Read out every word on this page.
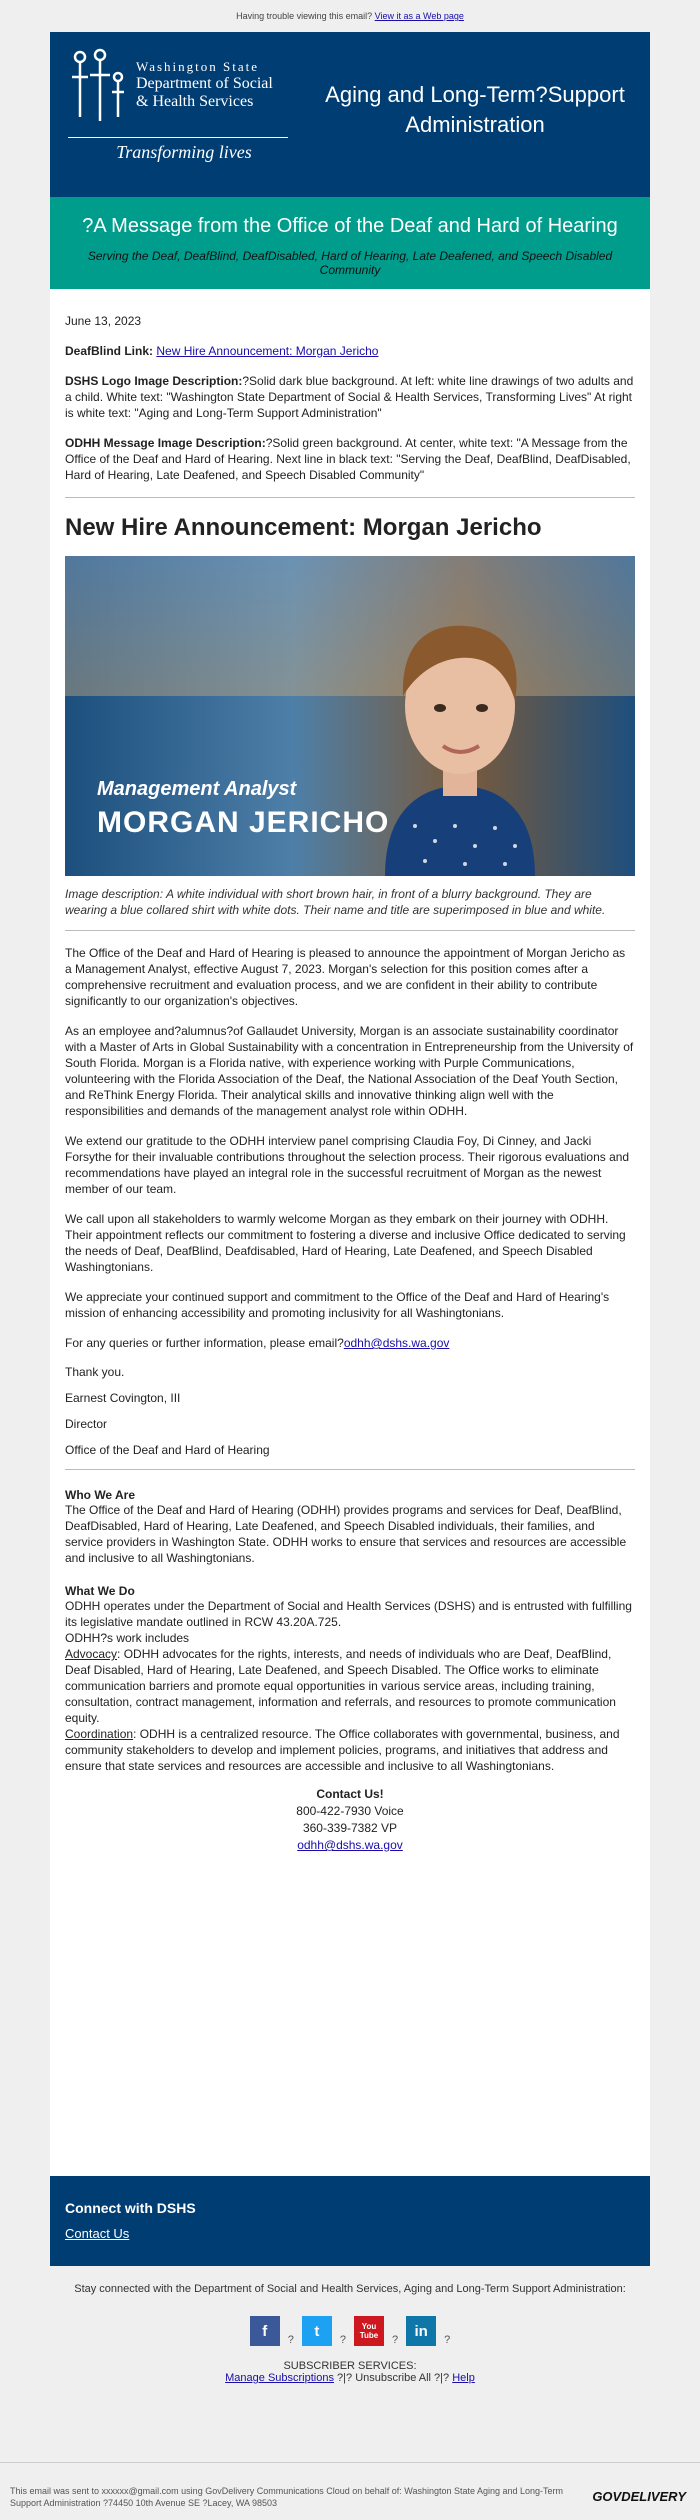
Having trouble viewing this email? View it as a Web page
Washington State
Department of Social
& Health Services
Transforming lives
Aging and Long-Term?Support
Administration
?A Message from the Office of the Deaf and Hard of Hearing
Serving the Deaf, DeafBlind, DeafDisabled, Hard of Hearing, Late Deafened, and Speech Disabled Community
June 13, 2023
DeafBlind Link: New Hire Announcement: Morgan Jericho
DSHS Logo Image Description:?Solid dark blue background. At left: white line drawings of two adults and a child. White text: "Washington State Department of Social & Health Services, Transforming Lives" At right is white text: "Aging and Long-Term Support Administration"
ODHH Message Image Description:?Solid green background. At center, white text: "A Message from the Office of the Deaf and Hard of Hearing. Next line in black text: "Serving the Deaf, DeafBlind, DeafDisabled, Hard of Hearing, Late Deafened, and Speech Disabled Community"
New Hire Announcement: Morgan Jericho
Management Analyst
MORGAN JERICHO
Image description: A white individual with short brown hair, in front of a blurry background. They are wearing a blue collared shirt with white dots. Their name and title are superimposed in blue and white.

The Office of the Deaf and Hard of Hearing is pleased to announce the appointment of Morgan Jericho as a Management Analyst, effective August 7, 2023. Morgan's selection for this position comes after a comprehensive recruitment and evaluation process, and we are confident in their ability to contribute significantly to our organization's objectives.

As an employee and?alumnus?of Gallaudet University, Morgan is an associate sustainability coordinator with a Master of Arts in Global Sustainability with a concentration in Entrepreneurship from the University of South Florida. Morgan is a Florida native, with experience working with Purple Communications, volunteering with the Florida Association of the Deaf, the National Association of the Deaf Youth Section, and ReThink Energy Florida. Their analytical skills and innovative thinking align well with the responsibilities and demands of the management analyst role within ODHH.

We extend our gratitude to the ODHH interview panel comprising Claudia Foy, Di Cinney, and Jacki Forsythe for their invaluable contributions throughout the selection process. Their rigorous evaluations and recommendations have played an integral role in the successful recruitment of Morgan as the newest member of our team.

We call upon all stakeholders to warmly welcome Morgan as they embark on their journey with ODHH. Their appointment reflects our commitment to fostering a diverse and inclusive Office dedicated to serving the needs of Deaf, DeafBlind, Deafdisabled, Hard of Hearing, Late Deafened, and Speech Disabled Washingtonians.

We appreciate your continued support and commitment to the Office of the Deaf and Hard of Hearing's mission of enhancing accessibility and promoting inclusivity for all Washingtonians.

For any queries or further information, please email?odhh@dshs.wa.gov

Thank you.

Earnest Covington, III

Director

Office of the Deaf and Hard of Hearing

Who We Are

The Office of the Deaf and Hard of Hearing (ODHH) provides programs and services for Deaf, DeafBlind, DeafDisabled, Hard of Hearing, Late Deafened, and Speech Disabled individuals, their families, and service providers in Washington State. ODHH works to ensure that services and resources are accessible and inclusive to all Washingtonians.

What We Do

ODHH operates under the Department of Social and Health Services (DSHS) and is entrusted with fulfilling its legislative mandate outlined in RCW 43.20A.725.

ODHH?s work includes

Advocacy: ODHH advocates for the rights, interests, and needs of individuals who are Deaf, DeafBlind, Deaf Disabled, Hard of Hearing, Late Deafened, and Speech Disabled. The Office works to eliminate communication barriers and promote equal opportunities in various service areas, including training, consultation, contract management, information and referrals, and resources to promote communication equity.

Coordination: ODHH is a centralized resource. The Office collaborates with governmental, business, and community stakeholders to develop and implement policies, programs, and initiatives that address and ensure that state services and resources are accessible and inclusive to all Washingtonians.

Contact Us!
800-422-7930 Voice
360-339-7382 VP
odhh@dshs.wa.gov
Connect with DSHS
Contact Us
Stay connected with the Department of Social and Health Services, Aging and Long-Term Support Administration:
f
?
t
?
You Tube	?
in
?
SUBSCRIBER SERVICES:
Manage Subscriptions ?|? Unsubscribe All ?|? Help
This email was sent to xxxxxx@gmail.com using GovDelivery Communications Cloud on behalf of: Washington State Aging and Long-Term Support Administration ?74450 10th Avenue SE ?Lacey, WA 98503	GOVDELIVERY
